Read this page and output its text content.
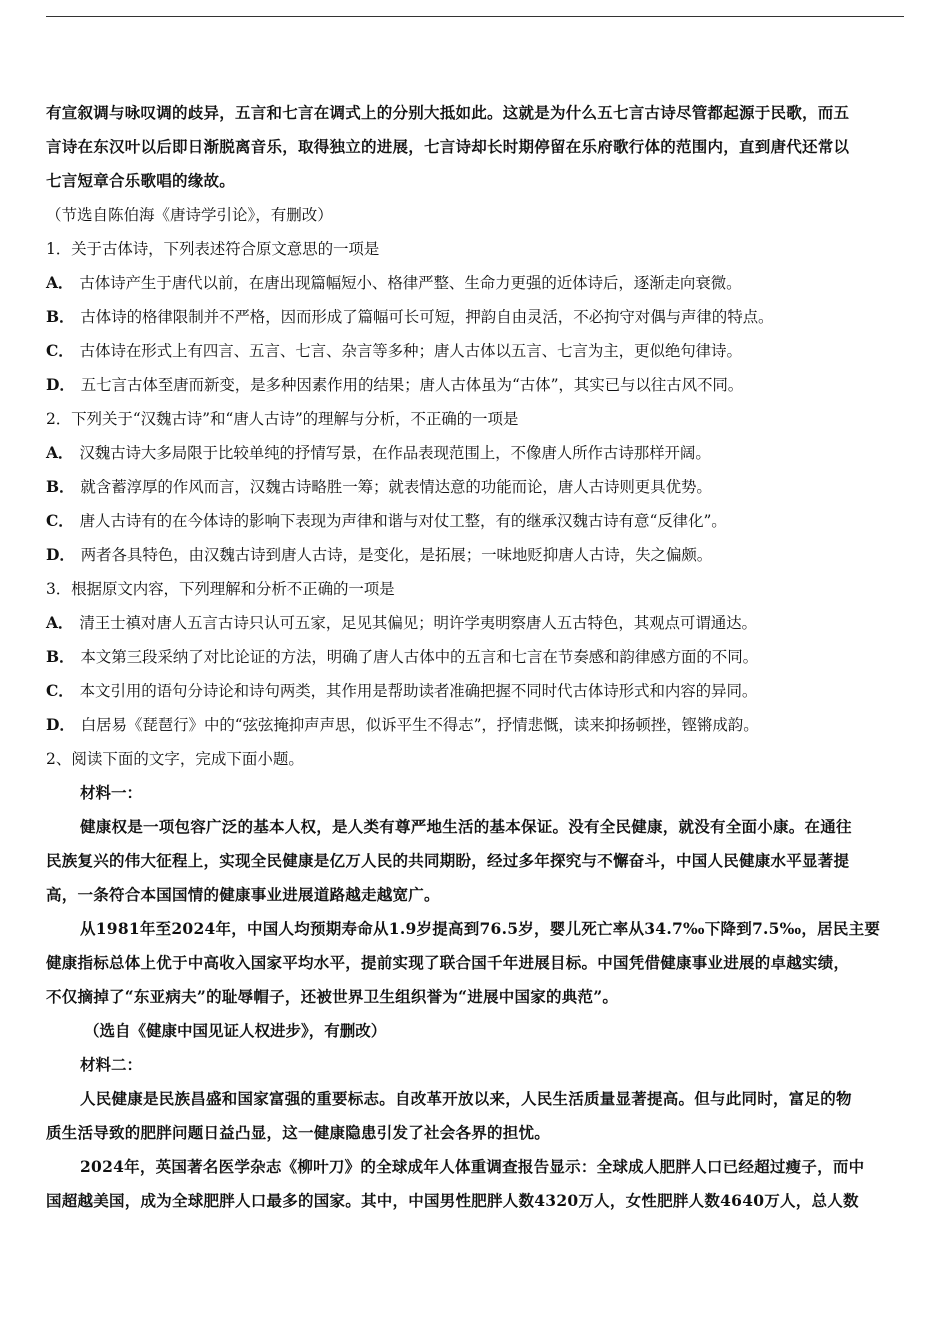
有宣叙调与咏叹调的歧异，五言和七言在调式上的分别大抵如此。这就是为什么五七言古诗尽管都起源于民歌，而五
言诗在东汉叶以后即日渐脱离音乐，取得独立的进展，七言诗却长时期停留在乐府歌行体的范围内，直到唐代还常以
七言短章合乐歌唱的缘故。
（节选自陈伯海《唐诗学引论》，有删改）
1．关于古体诗，下列表述符合原文意思的一项是
A． 古体诗产生于唐代以前，在唐出现篇幅短小、格律严整、生命力更强的近体诗后，逐渐走向衰微。
B． 古体诗的格律限制并不严格，因而形成了篇幅可长可短，押韵自由灵活，不必拘守对偶与声律的特点。
C． 古体诗在形式上有四言、五言、七言、杂言等多种；唐人古体以五言、七言为主，更似绝句律诗。
D． 五七言古体至唐而新变，是多种因素作用的结果；唐人古体虽为“古体”，其实已与以往古风不同。
2．下列关于“汉魏古诗”和“唐人古诗”的理解与分析，不正确的一项是
A． 汉魏古诗大多局限于比较单纯的抒情写景，在作品表现范围上，不像唐人所作古诗那样开阔。
B． 就含蓄淳厚的作风而言，汉魏古诗略胜一筹；就表情达意的功能而论，唐人古诗则更具优势。
C． 唐人古诗有的在今体诗的影响下表现为声律和谐与对仗工整，有的继承汉魏古诗有意“反律化”。
D． 两者各具特色，由汉魏古诗到唐人古诗，是变化，是拓展；一味地贬抑唐人古诗，失之偏颇。
3．根据原文内容，下列理解和分析不正确的一项是
A． 清王士禛对唐人五言古诗只认可五家，足见其偏见；明许学夷明察唐人五古特色，其观点可谓通达。
B． 本文第三段采纳了对比论证的方法，明确了唐人古体中的五言和七言在节奏感和韵律感方面的不同。
C． 本文引用的语句分诗论和诗句两类，其作用是帮助读者准确把握不同时代古体诗形式和内容的异同。
D． 白居易《琵琶行》中的“弦弦掩抑声声思，似诉平生不得志”，抒情悲慨，读来抑扬顿挫，铿锵成韵。
2、阅读下面的文字，完成下面小题。
材料一：
健康权是一项包容广泛的基本人权，是人类有尊严地生活的基本保证。没有全民健康，就没有全面小康。在通往
民族复兴的伟大征程上，实现全民健康是亿万人民的共同期盼，经过多年探究与不懈奋斗，中国人民健康水平显著提
高，一条符合本国国情的健康事业进展道路越走越宽广。
从1981年至2024年，中国人均预期寿命从1.9岁提高到76.5岁，婴儿死亡率从34.7‰下降到7.5‰，居民主要
健康指标总体上优于中高收入国家平均水平，提前实现了联合国千年进展目标。中国凭借健康事业进展的卓越实绩，
不仅摘掉了“东亚病夫”的耻辱帽子，还被世界卫生组织誉为“进展中国家的典范”。
（选自《健康中国见证人权进步》，有删改）
材料二：
人民健康是民族昌盛和国家富强的重要标志。自改革开放以来，人民生活质量显著提高。但与此同时，富足的物
质生活导致的肥胖问题日益凸显，这一健康隐患引发了社会各界的担忧。
2024年，英国著名医学杂志《柳叶刀》的全球成年人体重调查报告显示：全球成人肥胖人口已经超过瘦子，而中
国超越美国，成为全球肥胖人口最多的国家。其中，中国男性肥胖人数4320万人，女性肥胖人数4640万人，总人数
